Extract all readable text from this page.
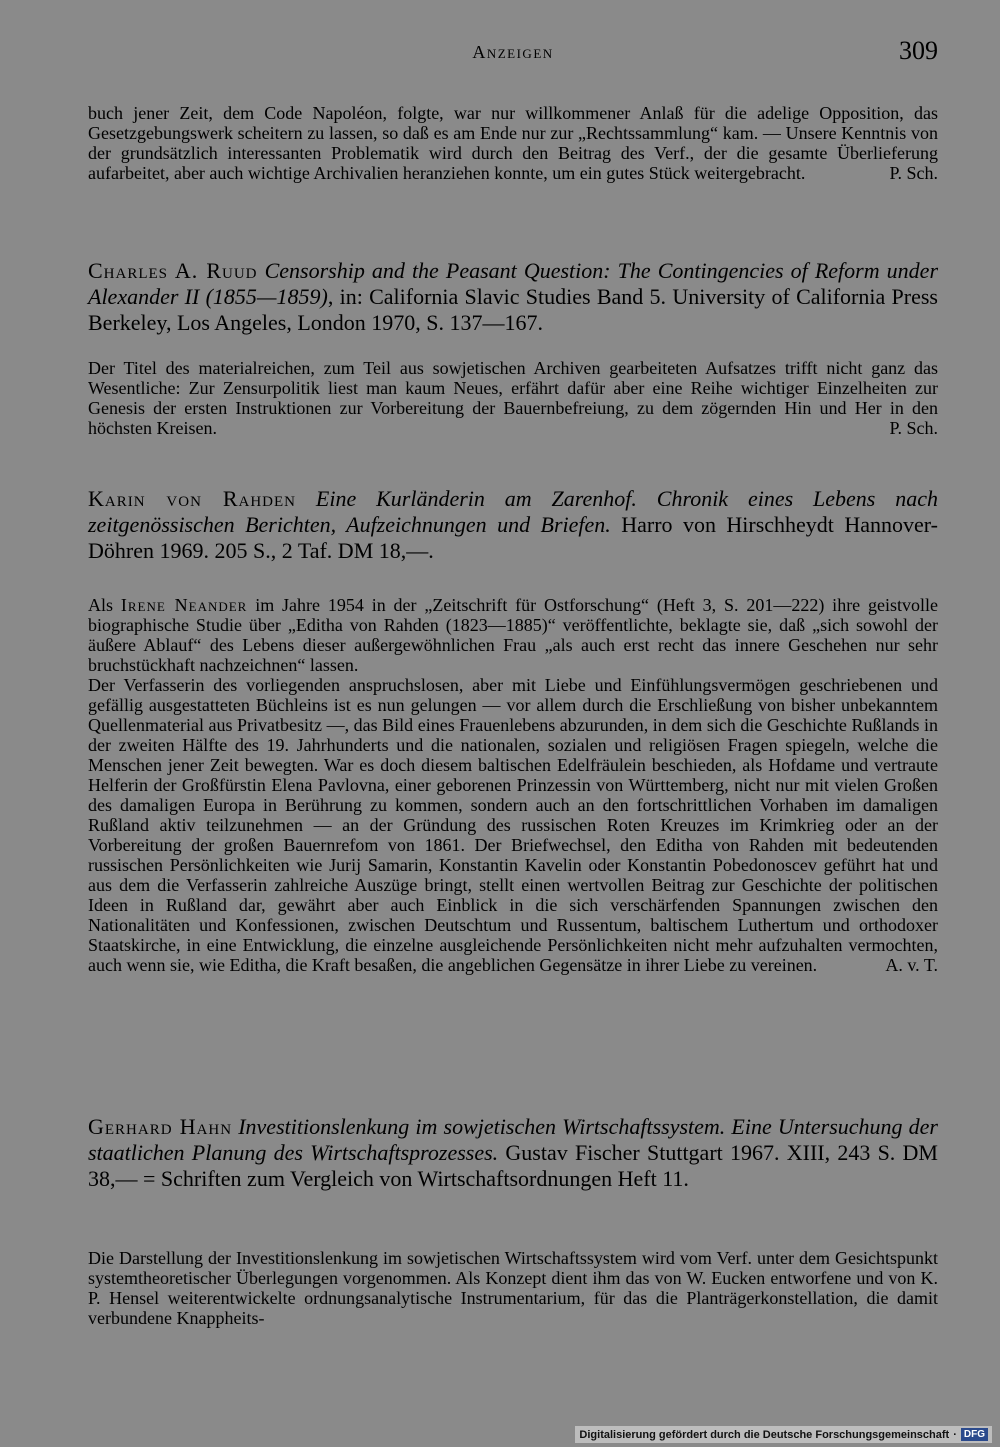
Anzeigen	309

buch jener Zeit, dem Code Napoléon, folgte, war nur willkommener Anlaß für die adelige Opposition, das Gesetzgebungswerk scheitern zu lassen, so daß es am Ende nur zur „Rechtssammlung“ kam. — Unsere Kenntnis von der grundsätzlich interessanten Problematik wird durch den Beitrag des Verf., der die gesamte Überlieferung aufarbeitet, aber auch wichtige Archivalien heranziehen konnte, um ein gutes Stück weitergebracht.	P. Sch.

Charles A. Ruud Censorship and the Peasant Question: The Contingencies of Reform under Alexander II (1855—1859), in: California Slavic Studies Band 5. University of California Press Berkeley, Los Angeles, London 1970, S. 137—167.

Der Titel des materialreichen, zum Teil aus sowjetischen Archiven gearbeiteten Aufsatzes trifft nicht ganz das Wesentliche: Zur Zensurpolitik liest man kaum Neues, erfährt dafür aber eine Reihe wichtiger Einzelheiten zur Genesis der ersten Instruktionen zur Vorbereitung der Bauernbefreiung, zu dem zögernden Hin und Her in den höchsten Kreisen.	P. Sch.

Karin von Rahden Eine Kurländerin am Zarenhof. Chronik eines Lebens nach zeitgenössischen Berichten, Aufzeichnungen und Briefen. Harro von Hirschheydt Hannover-Döhren 1969. 205 S., 2 Taf. DM 18,—.

Als Irene Neander im Jahre 1954 in der „Zeitschrift für Ostforschung“ (Heft 3, S. 201—222) ihre geistvolle biographische Studie über „Editha von Rahden (1823—1885)“ veröffentlichte, beklagte sie, daß „sich sowohl der äußere Ablauf“ des Lebens dieser außergewöhnlichen Frau „als auch erst recht das innere Geschehen nur sehr bruchstückhaft nachzeichnen“ lassen.

Der Verfasserin des vorliegenden anspruchslosen, aber mit Liebe und Einfühlungsvermögen geschriebenen und gefällig ausgestatteten Büchleins ist es nun gelungen — vor allem durch die Erschließung von bisher unbekanntem Quellenmaterial aus Privatbesitz —, das Bild eines Frauenlebens abzurunden, in dem sich die Geschichte Rußlands in der zweiten Hälfte des 19. Jahrhunderts und die nationalen, sozialen und religiösen Fragen spiegeln, welche die Menschen jener Zeit bewegten. War es doch diesem baltischen Edelfräulein beschieden, als Hofdame und vertraute Helferin der Großfürstin Elena Pavlovna, einer geborenen Prinzessin von Württemberg, nicht nur mit vielen Großen des damaligen Europa in Berührung zu kommen, sondern auch an den fortschrittlichen Vorhaben im damaligen Rußland aktiv teilzunehmen — an der Gründung des russischen Roten Kreuzes im Krimkrieg oder an der Vorbereitung der großen Bauernrefom von 1861. Der Briefwechsel, den Editha von Rahden mit bedeutenden russischen Persönlichkeiten wie Jurij Samarin, Konstantin Kavelin oder Konstantin Pobedonoscev geführt hat und aus dem die Verfasserin zahlreiche Auszüge bringt, stellt einen wertvollen Beitrag zur Geschichte der politischen Ideen in Rußland dar, gewährt aber auch Einblick in die sich verschärfenden Spannungen zwischen den Nationalitäten und Konfessionen, zwischen Deutschtum und Russentum, baltischem Luthertum und orthodoxer Staatskirche, in eine Entwicklung, die einzelne ausgleichende Persönlichkeiten nicht mehr aufzuhalten vermochten, auch wenn sie, wie Editha, die Kraft besaßen, die angeblichen Gegensätze in ihrer Liebe zu vereinen.	A. v. T.

Gerhard Hahn Investitionslenkung im sowjetischen Wirtschaftssystem. Eine Untersuchung der staatlichen Planung des Wirtschaftsprozesses. Gustav Fischer Stuttgart 1967. XIII, 243 S. DM 38,— = Schriften zum Vergleich von Wirtschaftsordnungen Heft 11.

Die Darstellung der Investitionslenkung im sowjetischen Wirtschaftssystem wird vom Verf. unter dem Gesichtspunkt systemtheoretischer Überlegungen vorgenommen. Als Konzept dient ihm das von W. Eucken entworfene und von K. P. Hensel weiterentwickelte ordnungsanalytische Instrumentarium, für das die Planträgerkonstellation, die damit verbundene Knappheits-

Digitalisierung gefördert durch die Deutsche Forschungsgemeinschaft · DFG
